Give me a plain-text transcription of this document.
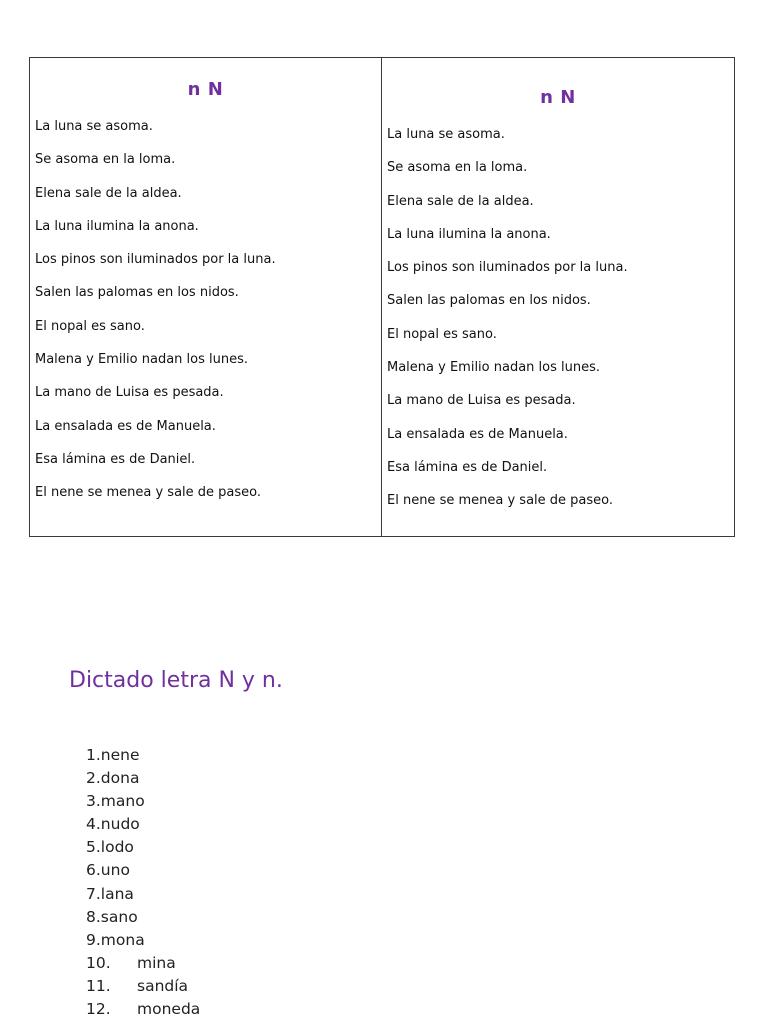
n N
La luna se asoma.
Se asoma en la loma.
Elena sale de la aldea.
La luna ilumina la anona.
Los pinos son iluminados por la luna.
Salen las palomas en los nidos.
El nopal es sano.
Malena y Emilio nadan los lunes.
La mano de Luisa es pesada.
La ensalada es de Manuela.
Esa lámina es de Daniel.
El nene se menea y sale de paseo.
n N
La luna se asoma.
Se asoma en la loma.
Elena sale de la aldea.
La luna ilumina la anona.
Los pinos son iluminados por la luna.
Salen las palomas en los nidos.
El nopal es sano.
Malena y Emilio nadan los lunes.
La mano de Luisa es pesada.
La ensalada es de Manuela.
Esa lámina es de Daniel.
El nene se menea y sale de paseo.
Dictado letra N y n.
1.nene
2.dona
3.mano
4.nudo
5.lodo
6.uno
7.lana
8.sano
9.mona
10. mina
11. sandía
12. moneda
